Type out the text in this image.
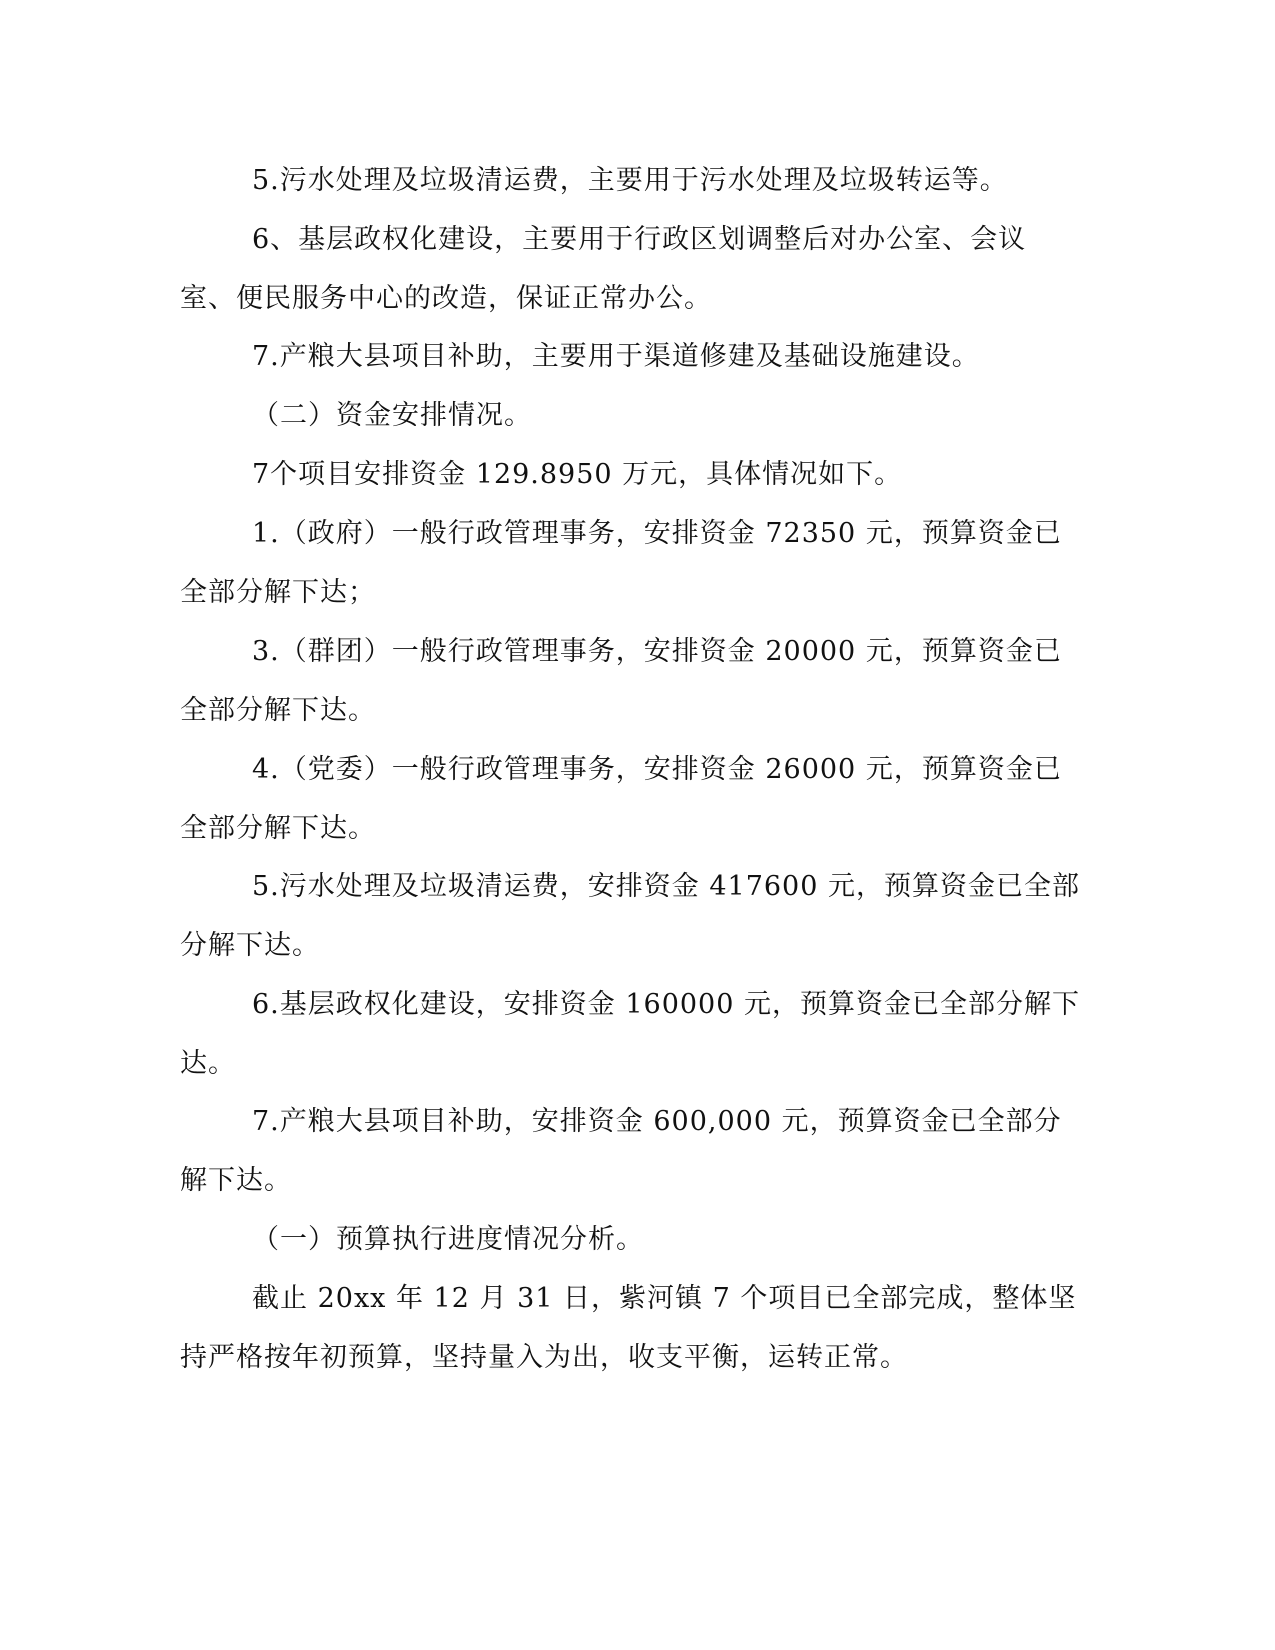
5.污水处理及垃圾清运费，主要用于污水处理及垃圾转运等。

6、基层政权化建设，主要用于行政区划调整后对办公室、会议

室、便民服务中心的改造，保证正常办公。

7.产粮大县项目补助，主要用于渠道修建及基础设施建设。

（二）资金安排情况。

7个项目安排资金 129.8950 万元，具体情况如下。

1.（政府）一般行政管理事务，安排资金 72350 元，预算资金已

全部分解下达；

3.（群团）一般行政管理事务，安排资金 20000 元，预算资金已

全部分解下达。

4.（党委）一般行政管理事务，安排资金 26000 元，预算资金已

全部分解下达。

5.污水处理及垃圾清运费，安排资金 417600 元，预算资金已全部

分解下达。

6.基层政权化建设，安排资金 160000 元，预算资金已全部分解下

达。

7.产粮大县项目补助，安排资金 600,000 元，预算资金已全部分

解下达。

（一）预算执行进度情况分析。

截止 20xx 年 12 月 31 日，紫河镇 7 个项目已全部完成，整体坚

持严格按年初预算，坚持量入为出，收支平衡，运转正常。
